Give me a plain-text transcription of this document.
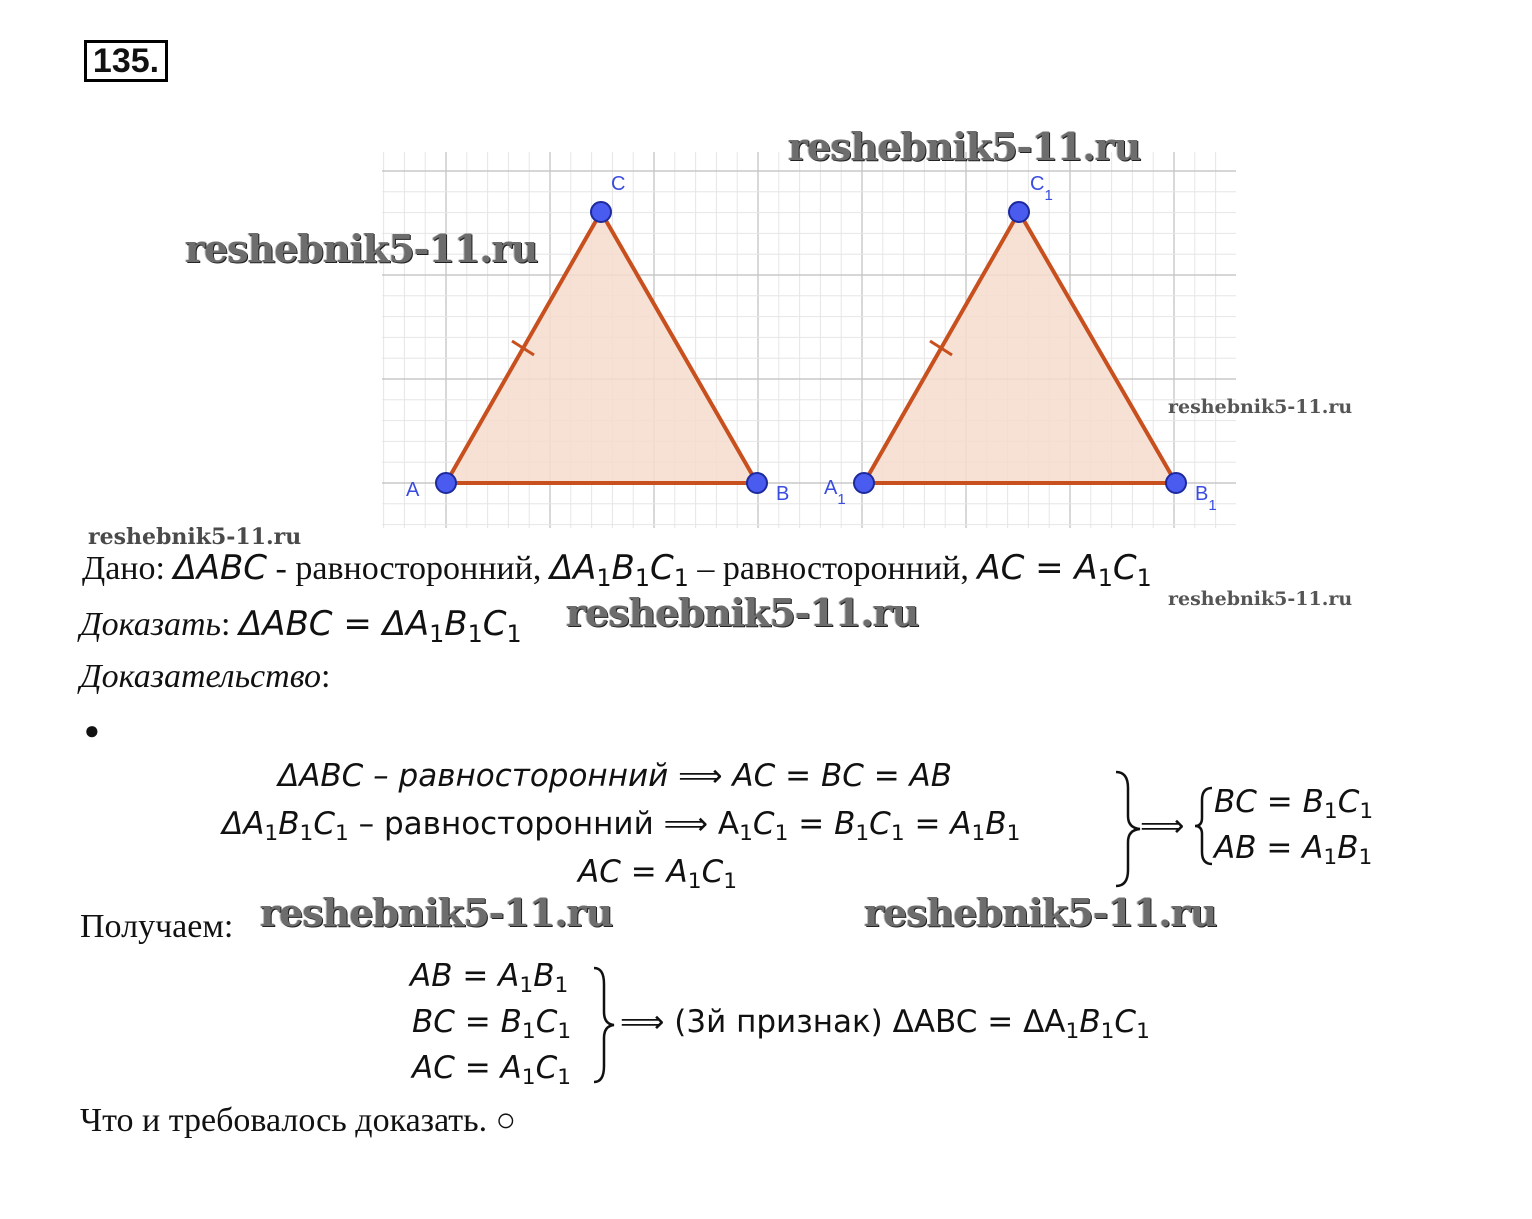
135.
A	B
C
$A_1$	$B_1$
$C_1$
reshebnik5-11.ru
reshebnik5-11.ru
reshebnik5-11.ru
reshebnik5-11.ru
Дано: ΔABC - равносторонний, ΔA1B1C1 – равносторонний, AC = A1C1
reshebnik5-11.ru
Доказать: ΔABC = ΔA1B1C1 reshebnik5-11.ru
Доказательство:
●
ΔABC – равносторонний ⟹ AC = BC = AB
ΔA1B1C1 – равносторонний ⟹ A1C1 = B1C1 = A1B1
AC = A1C1
⟹
BC = B1C1
AB = A1B1
Получаем: reshebnik5-11.ru	reshebnik5-11.ru
AB = A1B1
BC = B1C1
AC = A1C1
⟹ (3й признак) ΔABC = ΔA1B1C1
Что и требовалось доказать. ○
